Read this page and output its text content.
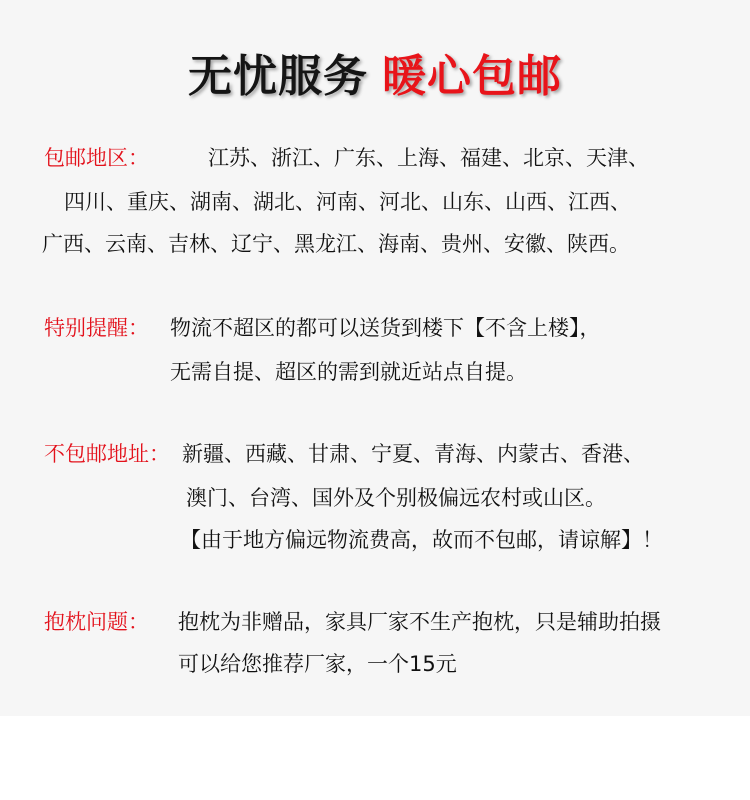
无忧服务 暖心包邮
包邮地区：	江苏、浙江、广东、上海、福建、北京、天津、
四川、重庆、湖南、湖北、河南、河北、山东、山西、江西、
广西、云南、吉林、辽宁、黑龙江、海南、贵州、安徽、陕西。
特别提醒： 物流不超区的都可以送货到楼下【不含上楼】，
无需自提、超区的需到就近站点自提。
不包邮地址： 新疆、西藏、甘肃、宁夏、青海、内蒙古、香港、
澳门、台湾、国外及个别极偏远农村或山区。
【由于地方偏远物流费高，故而不包邮，请谅解】！
抱枕问题： 抱枕为非赠品，家具厂家不生产抱枕，只是辅助拍摄
可以给您推荐厂家，一个15元
